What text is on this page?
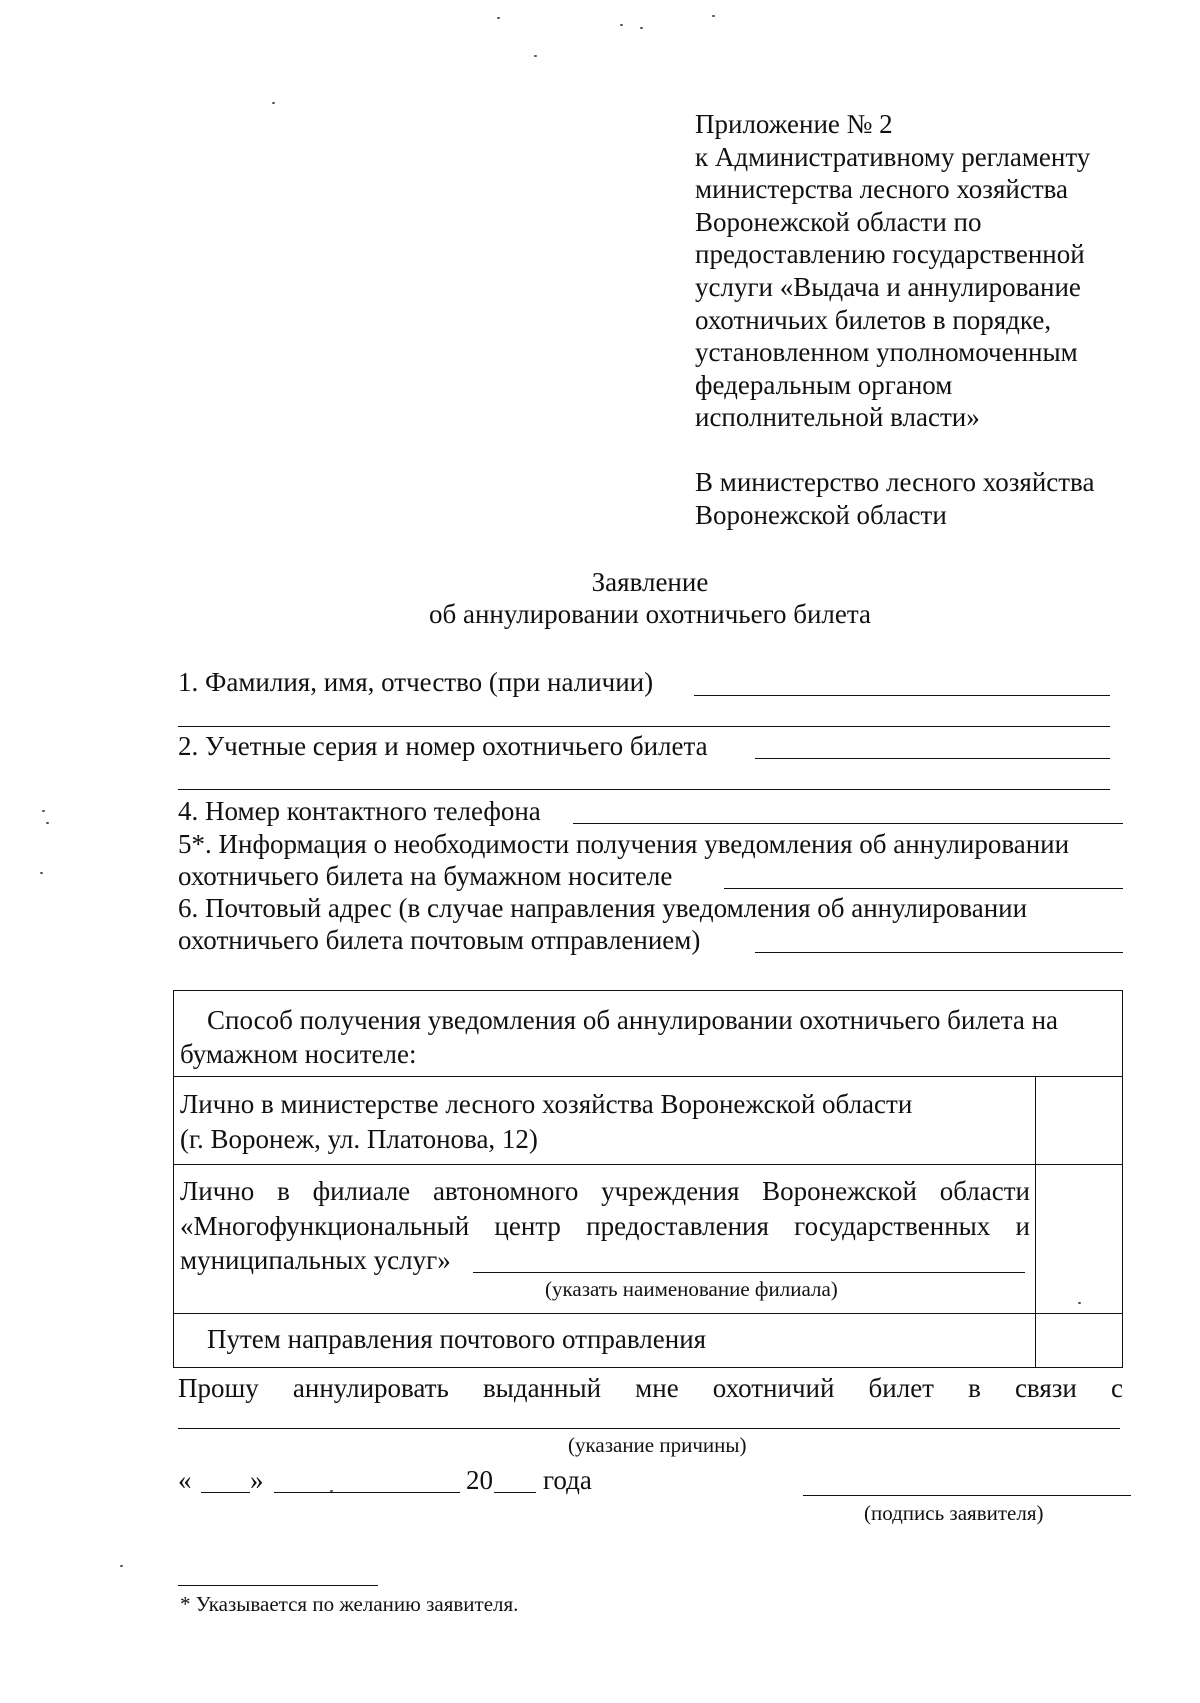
Приложение № 2
к Административному регламенту
министерства лесного хозяйства
Воронежской области по
предоставлению государственной
услуги «Выдача и аннулирование
охотничьих билетов в порядке,
установленном уполномоченным
федеральным органом
исполнительной власти»
В министерство лесного хозяйства
Воронежской области
Заявление
об аннулировании охотничьего билета
1. Фамилия, имя, отчество (при наличии)
2. Учетные серия и номер охотничьего билета
4. Номер контактного телефона
5*. Информация о необходимости получения уведомления об аннулировании
охотничьего билета на бумажном носителе
6. Почтовый адрес (в случае направления уведомления об аннулировании
охотничьего билета почтовым отправлением)
Способ получения уведомления об аннулировании охотничьего билета на
бумажном носителе:
Лично в министерстве лесного хозяйства Воронежской области
(г. Воронеж, ул. Платонова, 12)
Лично в филиале автономного учреждения Воронежской области
«Многофункциональный центр предоставления государственных и
муниципальных услуг»
(указать наименование филиала)
Путем направления почтового отправления
Прошу аннулировать выданный мне охотничий билет в связи с
(указание причины)
« »	20 года
(подпись заявителя)
* Указывается по желанию заявителя.
